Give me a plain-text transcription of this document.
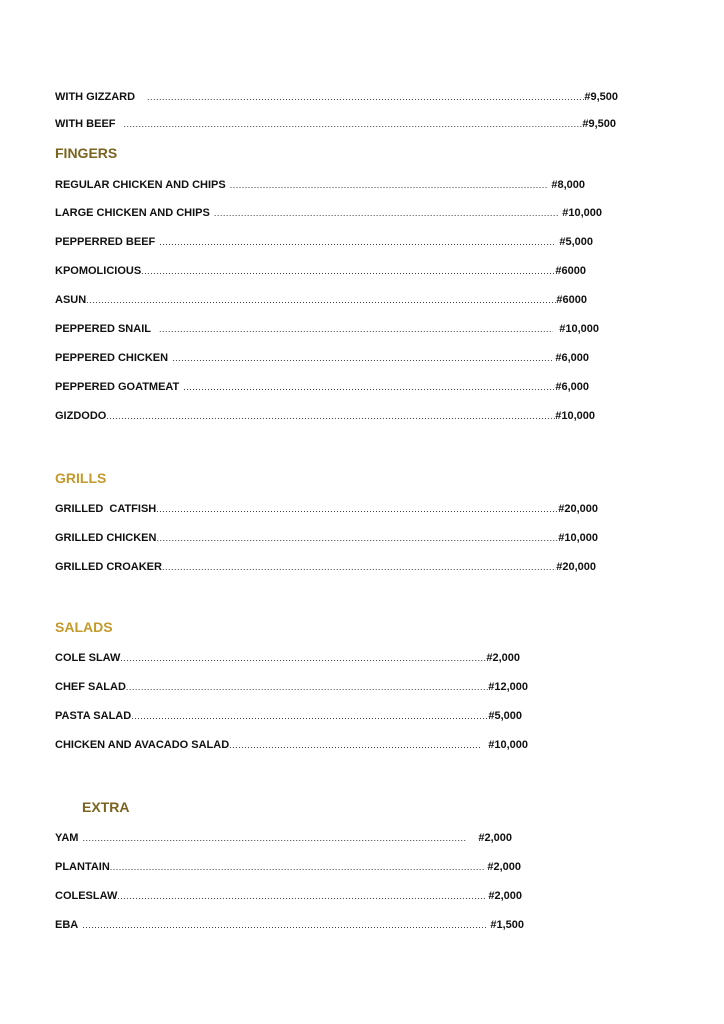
WITH GIZZARD .....	#9,500
WITH BEEF .....	#9,500
FINGERS
REGULAR CHICKEN AND CHIPS .....	#8,000
LARGE CHICKEN AND CHIPS .....	#10,000
PEPPERRED BEEF .....	#5,000
KPOMOLICIOUS .....	#6000
ASUN .....	#6000
PEPPERED SNAIL .....	#10,000
PEPPERED CHICKEN .....	#6,000
PEPPERED GOATMEAT .....	#6,000
GIZDODO .....	#10,000
GRILLS
GRILLED  CATFISH .....	#20,000
GRILLED CHICKEN .....	#10,000
GRILLED CROAKER .....	#20,000
SALADS
COLE SLAW .....	#2,000
CHEF SALAD .....	#12,000
PASTA SALAD .....	#5,000
CHICKEN AND AVACADO SALAD .....	#10,000
EXTRA
YAM .....	#2,000
PLANTAIN .....	#2,000
COLESLAW .....	#2,000
EBA .....	#1,500
